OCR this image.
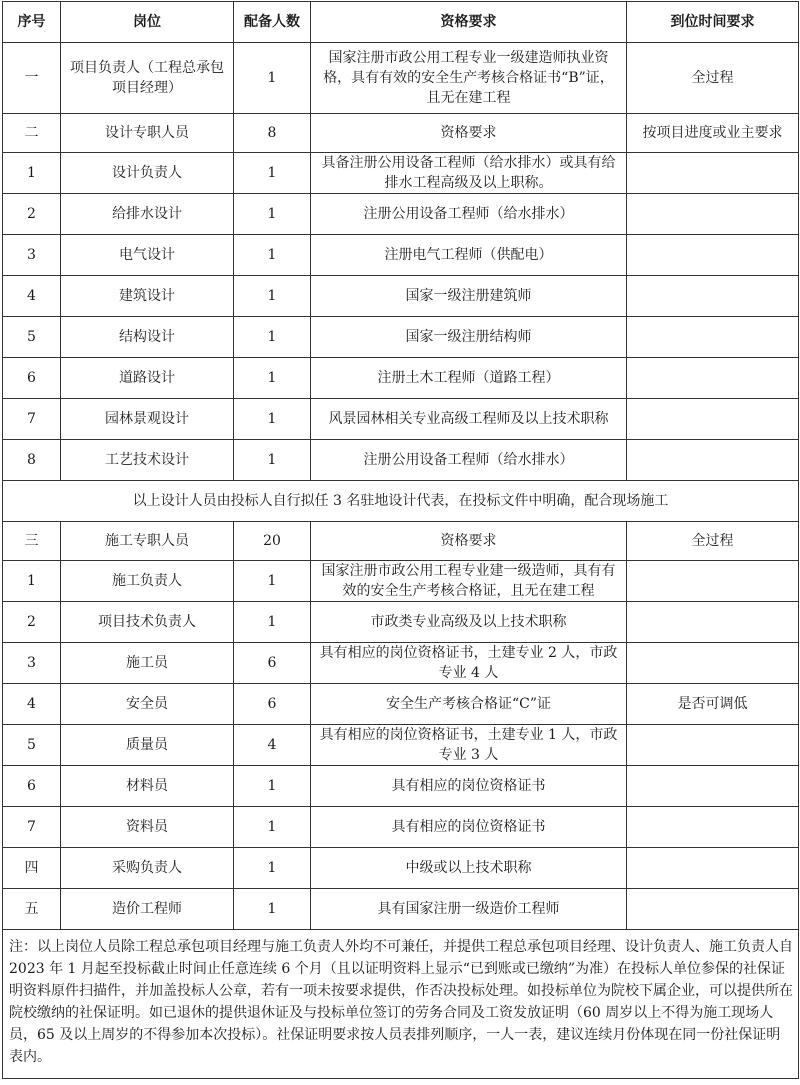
序号	岗位	配备人数	资格要求	到位时间要求
一	项目负责人（工程总承包项目经理）	1	国家注册市政公用工程专业一级建造师执业资格，具有有效的安全生产考核合格证书“B”证，且无在建工程	全过程
二	设计专职人员	8	资格要求	按项目进度或业主要求
1	设计负责人	1	具备注册公用设备工程师（给水排水）或具有给排水工程高级及以上职称。	
2	给排水设计	1	注册公用设备工程师（给水排水）	
3	电气设计	1	注册电气工程师（供配电）	
4	建筑设计	1	国家一级注册建筑师	
5	结构设计	1	国家一级注册结构师	
6	道路设计	1	注册土木工程师（道路工程）	
7	园林景观设计	1	风景园林相关专业高级工程师及以上技术职称	
8	工艺技术设计	1	注册公用设备工程师（给水排水）	
以上设计人员由投标人自行拟任 3 名驻地设计代表，在投标文件中明确，配合现场施工				
三	施工专职人员	20	资格要求	全过程
1	施工负责人	1	国家注册市政公用工程专业建一级造师，具有有效的安全生产考核合格证，且无在建工程	
2	项目技术负责人	1	市政类专业高级及以上技术职称	
3	施工员	6	具有相应的岗位资格证书，土建专业 2 人，市政专业 4 人	
4	安全员	6	安全生产考核合格证“C”证	是否可调低
5	质量员	4	具有相应的岗位资格证书，土建专业 1 人，市政专业 3 人	
6	材料员	1	具有相应的岗位资格证书	
7	资料员	1	具有相应的岗位资格证书	
四	采购负责人	1	中级或以上技术职称	
五	造价工程师	1	具有国家注册一级造价工程师	
注：以上岗位人员除工程总承包项目经理与施工负责人外均不可兼任，并提供工程总承包项目经理、设计负责人、施工负责人自 2023 年 1 月起至投标截止时间止任意连续 6 个月（且以证明资料上显示“已到账或已缴纳”为准）在投标人单位参保的社保证明资料原件扫描件，并加盖投标人公章，若有一项未按要求提供，作否决投标处理。如投标单位为院校下属企业，可以提供所在院校缴纳的社保证明。如已退休的提供退休证及与投标单位签订的劳务合同及工资发放证明（60 周岁以上不得为施工现场人员，65 及以上周岁的不得参加本次投标）。社保证明要求按人员表排列顺序，一人一表，建议连续月份体现在同一份社保证明表内。				
